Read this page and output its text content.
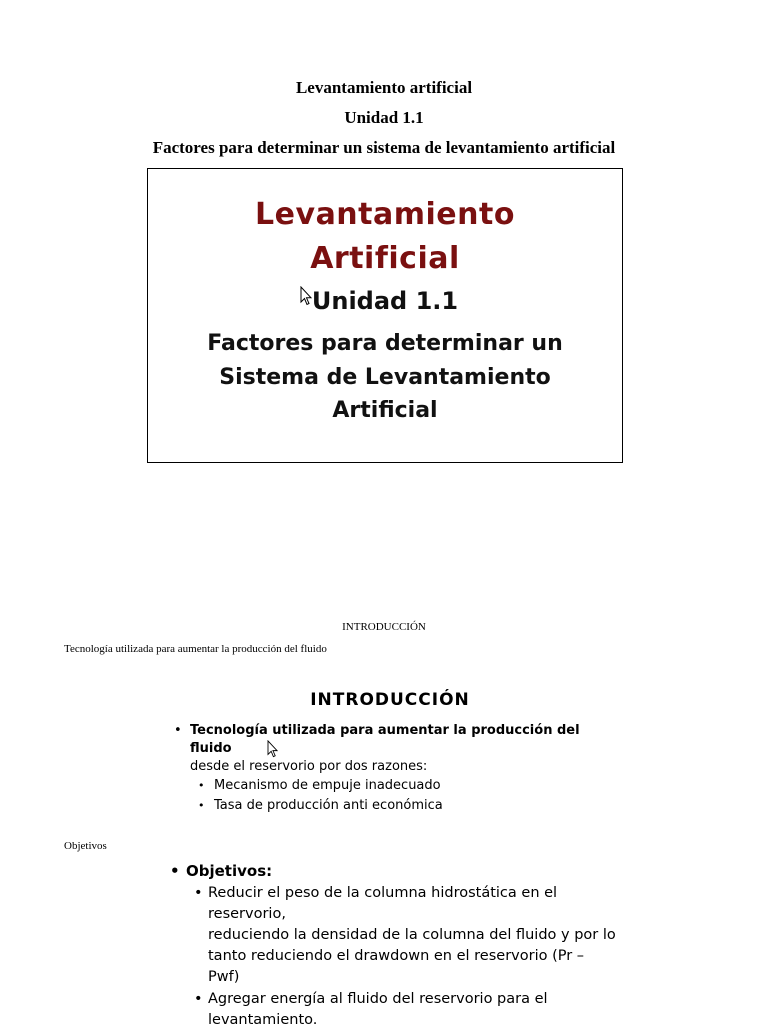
Levantamiento artificial
Unidad 1.1
Factores para determinar un sistema de levantamiento artificial
Levantamiento
Artificial
Unidad 1.1
Factores para determinar un
Sistema de Levantamiento
Artificial
INTRODUCCIÓN
Tecnología utilizada para aumentar la producción del fluido
INTRODUCCIÓN
• Tecnología utilizada para aumentar la producción del fluido
desde el reservorio por dos razones:
• Mecanismo de empuje inadecuado
• Tasa de producción anti económica
Objetivos
• Objetivos:
• Reducir el peso de la columna hidrostática en el reservorio,
reduciendo la densidad de la columna del fluido y por lo
tanto reduciendo el drawdown en el reservorio (Pr – Pwf)
• Agregar energía al fluido del reservorio para el
levantamiento.
